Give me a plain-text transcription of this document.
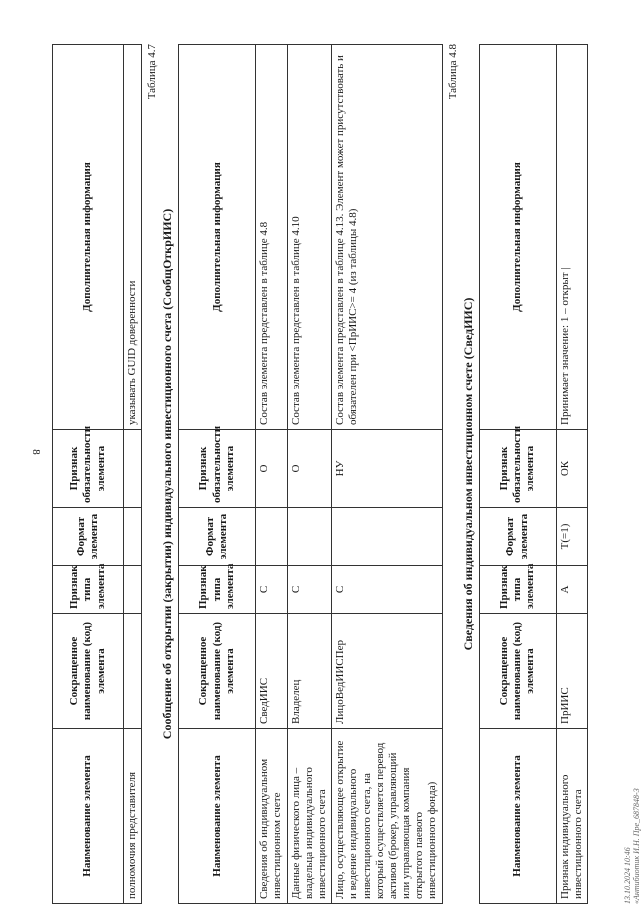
8
Наименование элемента	Сокращенное наименование (код) элемента	Признак типа элемента	Формат элемента	Признак обязательности элемента	Дополнительная информация
полномочия представителя					указывать GUID доверенности
Таблица 4.7
Сообщение об открытии (закрытии) индивидуального инвестиционного счета (СообщОткрИИС)
Наименование элемента	Сокращенное наименование (код) элемента	Признак типа элемента	Формат элемента	Признак обязательности элемента	Дополнительная информация
Сведения об индивидуальном инвестиционном счете	СведИИС	С		О	Состав элемента представлен в таблице 4.8
Данные физического лица – владельца индивидуального инвестиционного счета	Владелец	С		О	Состав элемента представлен в таблице 4.10
Лицо, осуществляющее открытие и ведение индивидуального инвестиционного счета, на который осуществляется перевод активов (брокер, управляющий или управляющая компания открытого паевого инвестиционного фонда)	ЛицоВедИИСПер	С		НУ	Состав элемента представлен в таблице 4.13. Элемент может присутствовать и обязателен при <ПрИИС>= 4 (из таблицы 4.8)
Таблица 4.8
Сведения об индивидуальном инвестиционном счете (СведИИС)
Наименование элемента	Сокращенное наименование (код) элемента	Признак типа элемента	Формат элемента	Признак обязательности элемента	Дополнительная информация
Признак индивидуального инвестиционного счета	ПрИИС	А	T(=1)	ОК	Принимает значение: 1 – открыт |
13.10.2024 10:46 «Антибиотик И.Н. Пре_687848-3
